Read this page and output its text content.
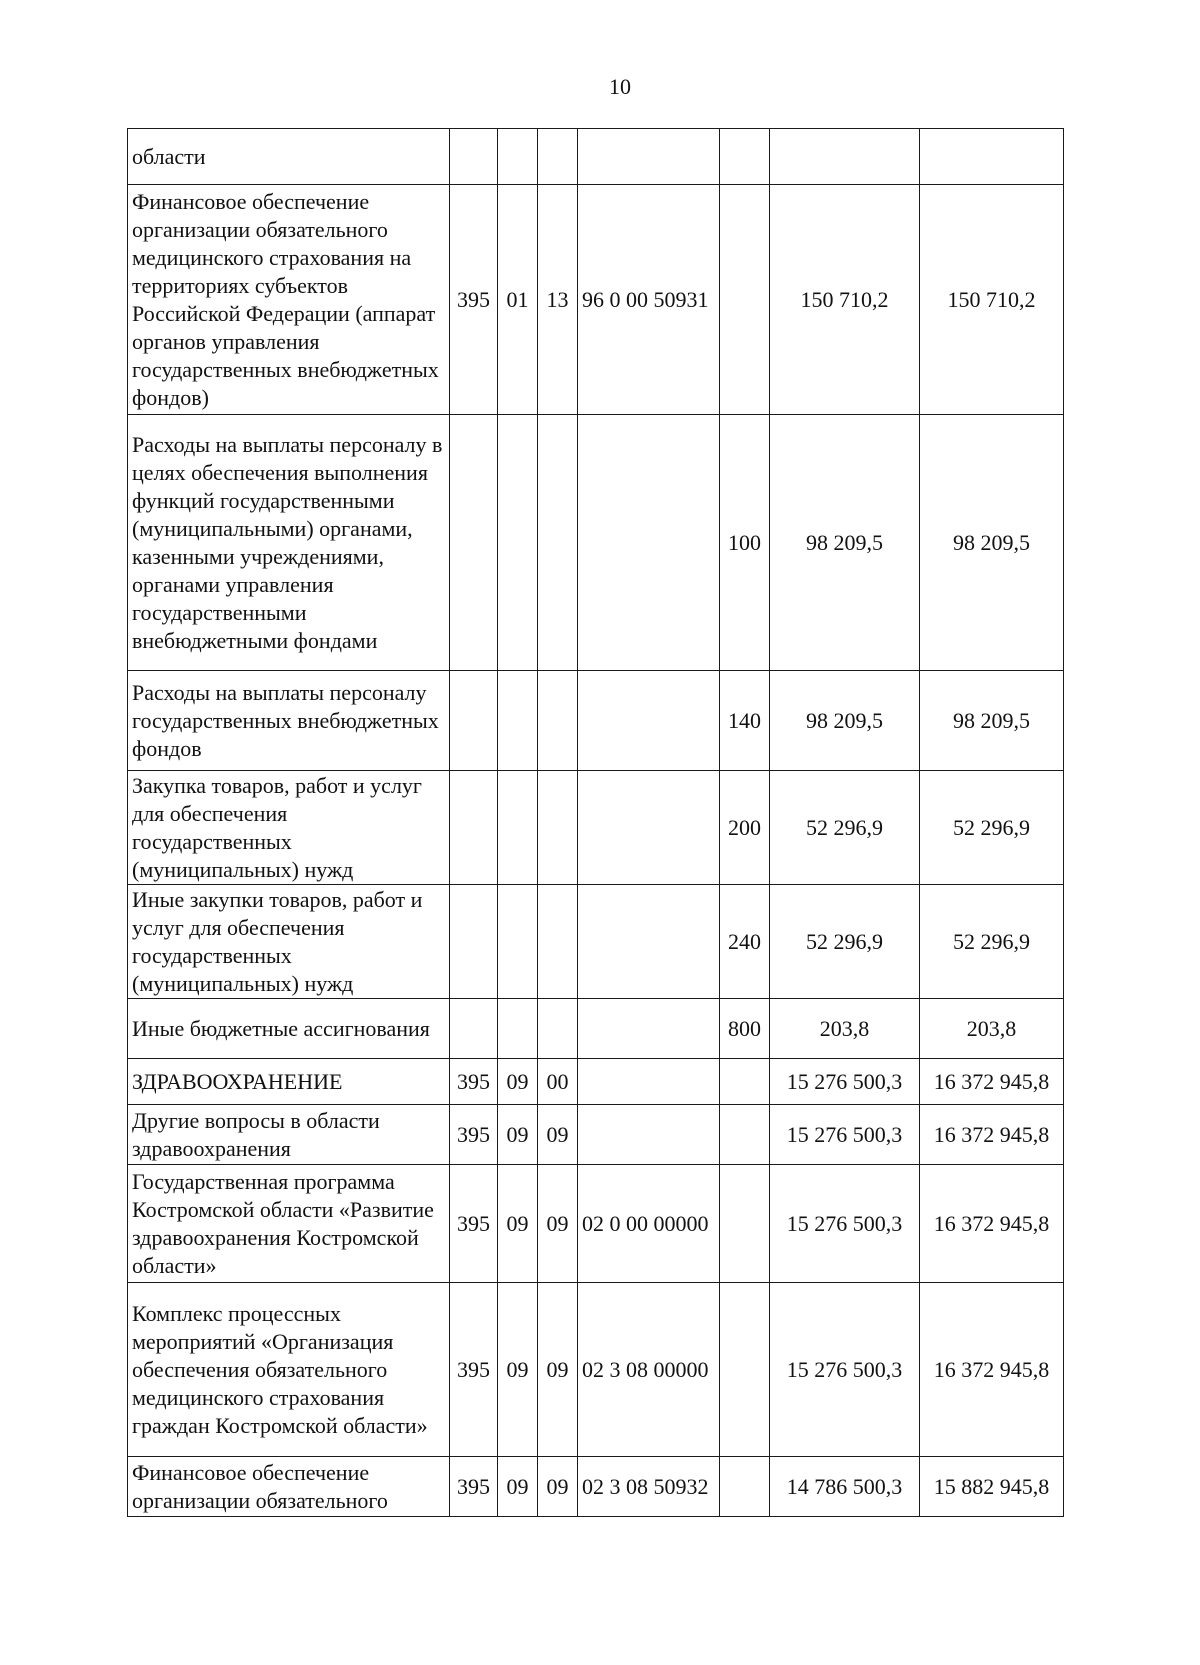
10
области							
Финансовое обеспечение организации обязательного медицинского страхования на территориях субъектов Российской Федерации (аппарат органов управления государственных внебюджетных фондов)	395	01	13	96 0 00 50931		150 710,2	150 710,2
Расходы на выплаты персоналу в целях обеспечения выполнения функций государственными (муниципальными) органами, казенными учреждениями, органами управления государственными внебюджетными фондами					100	98 209,5	98 209,5
Расходы на выплаты персоналу государственных внебюджетных фондов					140	98 209,5	98 209,5
Закупка товаров, работ и услуг для обеспечения государственных (муниципальных) нужд					200	52 296,9	52 296,9
Иные закупки товаров, работ и услуг для обеспечения государственных (муниципальных) нужд					240	52 296,9	52 296,9
Иные бюджетные ассигнования					800	203,8	203,8
ЗДРАВООХРАНЕНИЕ	395	09	00			15 276 500,3	16 372 945,8
Другие вопросы в области здравоохранения	395	09	09			15 276 500,3	16 372 945,8
Государственная программа Костромской области «Развитие здравоохранения Костромской области»	395	09	09	02 0 00 00000		15 276 500,3	16 372 945,8
Комплекс процессных мероприятий «Организация обеспечения обязательного медицинского страхования граждан Костромской области»	395	09	09	02 3 08 00000		15 276 500,3	16 372 945,8
Финансовое обеспечение организации обязательного	395	09	09	02 3 08 50932		14 786 500,3	15 882 945,8
